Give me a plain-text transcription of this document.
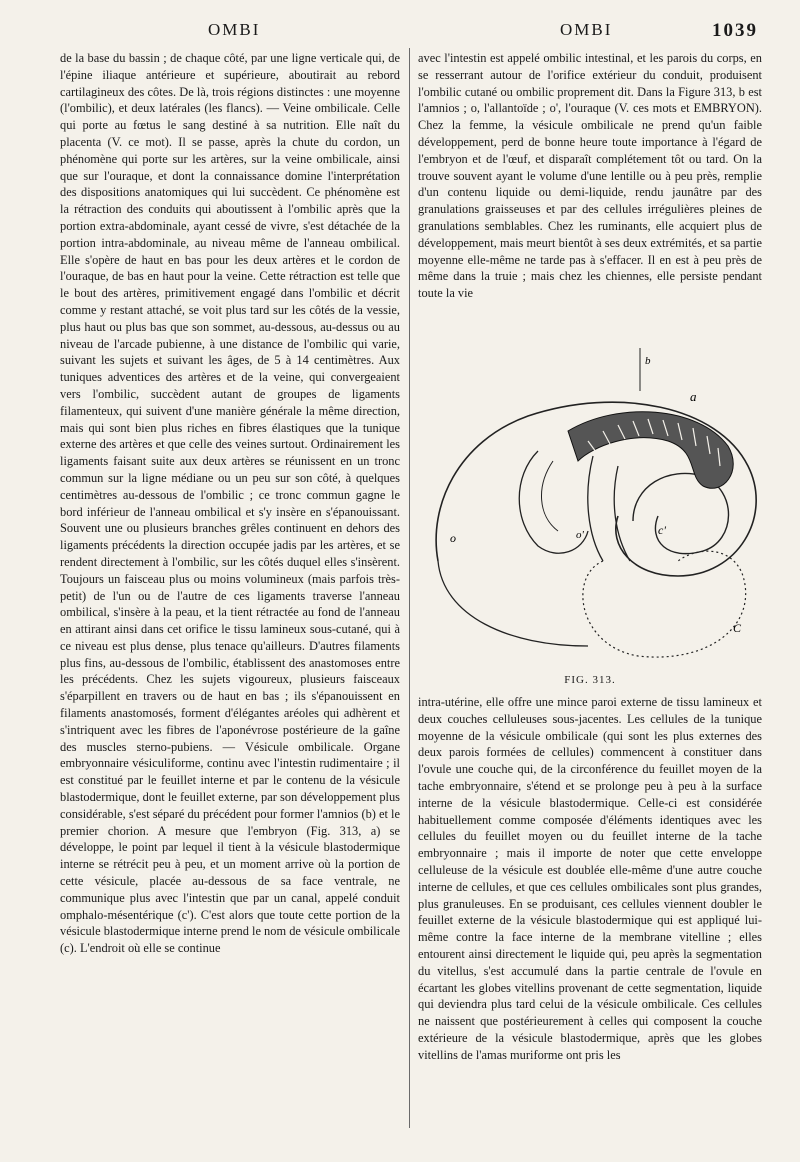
OMBI	OMBI	1039

de la base du bassin ; de chaque côté, par une ligne verticale qui, de l'épine iliaque antérieure et supérieure, aboutirait au rebord cartilagineux des côtes. De là, trois régions distinctes : une moyenne (l'ombilic), et deux latérales (les flancs). — Veine ombilicale. Celle qui porte au fœtus le sang destiné à sa nutrition. Elle naît du placenta (V. ce mot). Il se passe, après la chute du cordon, un phénomène qui porte sur les artères, sur la veine ombilicale, ainsi que sur l'ouraque, et dont la connaissance domine l'interprétation des dispositions anatomiques qui lui succèdent. Ce phénomène est la rétraction des conduits qui aboutissent à l'ombilic après que la portion extra-abdominale, ayant cessé de vivre, s'est détachée de la portion intra-abdominale, au niveau même de l'anneau ombilical. Elle s'opère de haut en bas pour les deux artères et le cordon de l'ouraque, de bas en haut pour la veine. Cette rétraction est telle que le bout des artères, primitivement engagé dans l'ombilic et décrit comme y restant attaché, se voit plus tard sur les côtés de la vessie, plus haut ou plus bas que son sommet, au-dessous, au-dessus ou au niveau de l'arcade pubienne, à une distance de l'ombilic qui varie, suivant les sujets et suivant les âges, de 5 à 14 centimètres. Aux tuniques adventices des artères et de la veine, qui convergeaient vers l'ombilic, succèdent autant de groupes de ligaments filamenteux, qui suivent d'une manière générale la même direction, mais qui sont bien plus riches en fibres élastiques que la tunique externe des artères et que celle des veines surtout. Ordinairement les ligaments faisant suite aux deux artères se réunissent en un tronc commun sur la ligne médiane ou un peu sur son côté, à quelques centimètres au-dessous de l'ombilic ; ce tronc commun gagne le bord inférieur de l'anneau ombilical et s'y insère en s'épanouissant. Souvent une ou plusieurs branches grêles continuent en dehors des ligaments précédents la direction occupée jadis par les artères, et se rendent directement à l'ombilic, sur les côtés duquel elles s'insèrent. Toujours un faisceau plus ou moins volumineux (mais parfois très-petit) de l'un ou de l'autre de ces ligaments traverse l'anneau ombilical, s'insère à la peau, et la tient rétractée au fond de l'anneau en attirant ainsi dans cet orifice le tissu lamineux sous-cutané, qui à ce niveau est plus dense, plus tenace qu'ailleurs. D'autres filaments plus fins, au-dessous de l'ombilic, établissent des anastomoses entre les précédents. Chez les sujets vigoureux, plusieurs faisceaux s'éparpillent en travers ou de haut en bas ; ils s'épanouissent en filaments anastomosés, forment d'élégantes aréoles qui adhèrent et s'intriquent avec les fibres de l'aponévrose postérieure de la gaîne des muscles sterno-pubiens. — Vésicule ombilicale. Organe embryonnaire vésiculiforme, continu avec l'intestin rudimentaire ; il est constitué par le feuillet interne et par le contenu de la vésicule blastodermique, dont le feuillet externe, par son développement plus considérable, s'est séparé du précédent pour former l'amnios (b) et le premier chorion. A mesure que l'embryon (Fig. 313, a) se développe, le point par lequel il tient à la vésicule blastodermique interne se rétrécit peu à peu, et un moment arrive où la portion de cette vésicule, placée au-dessous de sa face ventrale, ne communique plus avec l'intestin que par un canal, appelé conduit omphalo-mésentérique (c'). C'est alors que toute cette portion de la vésicule blastodermique interne prend le nom de vésicule ombilicale (c). L'endroit où elle se continue

avec l'intestin est appelé ombilic intestinal, et les parois du corps, en se resserrant autour de l'orifice extérieur du conduit, produisent l'ombilic cutané ou ombilic proprement dit. Dans la Figure 313, b est l'amnios ; o, l'allantoïde ; o', l'ouraque (V. ces mots et EMBRYON). Chez la femme, la vésicule ombilicale ne prend qu'un faible développement, perd de bonne heure toute importance à l'égard de l'embryon et de l'œuf, et disparaît complétement tôt ou tard. On la trouve souvent ayant le volume d'une lentille ou à peu près, remplie d'un contenu liquide ou demi-liquide, rendu jaunâtre par des granulations graisseuses et par des cellules irrégulières pleines de granulations semblables. Chez les ruminants, elle acquiert plus de développement, mais meurt bientôt à ses deux extrémités, et sa partie moyenne elle-même ne tarde pas à s'effacer. Il en est à peu près de même dans la truie ; mais chez les chiennes, elle persiste pendant toute la vie

b
a
o	o'	c'
C
FIG. 313.

intra-utérine, elle offre une mince paroi externe de tissu lamineux et deux couches celluleuses sous-jacentes. Les cellules de la tunique moyenne de la vésicule ombilicale (qui sont les plus externes des deux parois formées de cellules) commencent à constituer dans l'ovule une couche qui, de la circonférence du feuillet moyen de la tache embryonnaire, s'étend et se prolonge peu à peu à la surface interne de la vésicule blastodermique. Celle-ci est considérée habituellement comme composée d'éléments identiques avec les cellules du feuillet moyen ou du feuillet interne de la tache embryonnaire ; mais il importe de noter que cette enveloppe celluleuse de la vésicule est doublée elle-même d'une autre couche interne de cellules, et que ces cellules ombilicales sont plus grandes, plus granuleuses. En se produisant, ces cellules viennent doubler le feuillet externe de la vésicule blastodermique qui est appliqué lui-même contre la face interne de la membrane vitelline ; elles entourent ainsi directement le liquide qui, peu après la segmentation du vitellus, s'est accumulé dans la partie centrale de l'ovule en écartant les globes vitellins provenant de cette segmentation, liquide qui deviendra plus tard celui de la vésicule ombilicale. Ces cellules ne naissent que postérieurement à celles qui composent la couche extérieure de la vésicule blastodermique, après que les globes vitellins de l'amas muriforme ont pris les
